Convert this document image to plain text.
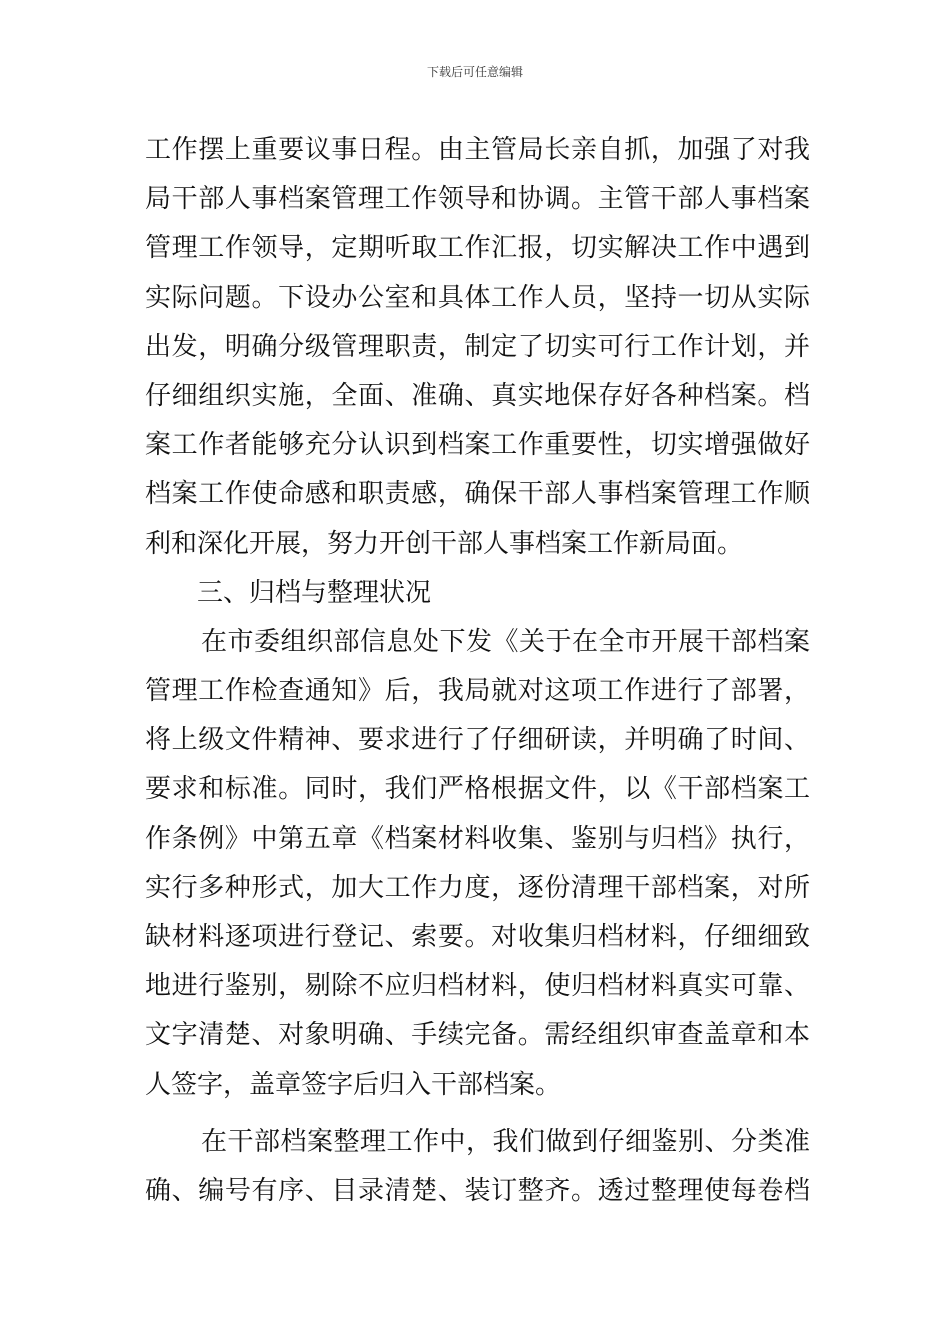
下载后可任意编辑
工作摆上重要议事日程。由主管局长亲自抓，加强了对我
局干部人事档案管理工作领导和协调。主管干部人事档案
管理工作领导，定期听取工作汇报，切实解决工作中遇到
实际问题。下设办公室和具体工作人员，坚持一切从实际
出发，明确分级管理职责，制定了切实可行工作计划，并
仔细组织实施，全面、准确、真实地保存好各种档案。档
案工作者能够充分认识到档案工作重要性，切实增强做好
档案工作使命感和职责感，确保干部人事档案管理工作顺
利和深化开展，努力开创干部人事档案工作新局面。
三、归档与整理状况
在市委组织部信息处下发《关于在全市开展干部档案
管理工作检查通知》后，我局就对这项工作进行了部署，
将上级文件精神、要求进行了仔细研读，并明确了时间、
要求和标准。同时，我们严格根据文件，以《干部档案工
作条例》中第五章《档案材料收集、鉴别与归档》执行，
实行多种形式，加大工作力度，逐份清理干部档案，对所
缺材料逐项进行登记、索要。对收集归档材料，仔细细致
地进行鉴别，剔除不应归档材料，使归档材料真实可靠、
文字清楚、对象明确、手续完备。需经组织审查盖章和本
人签字，盖章签字后归入干部档案。
在干部档案整理工作中，我们做到仔细鉴别、分类准
确、编号有序、目录清楚、装订整齐。透过整理使每卷档
